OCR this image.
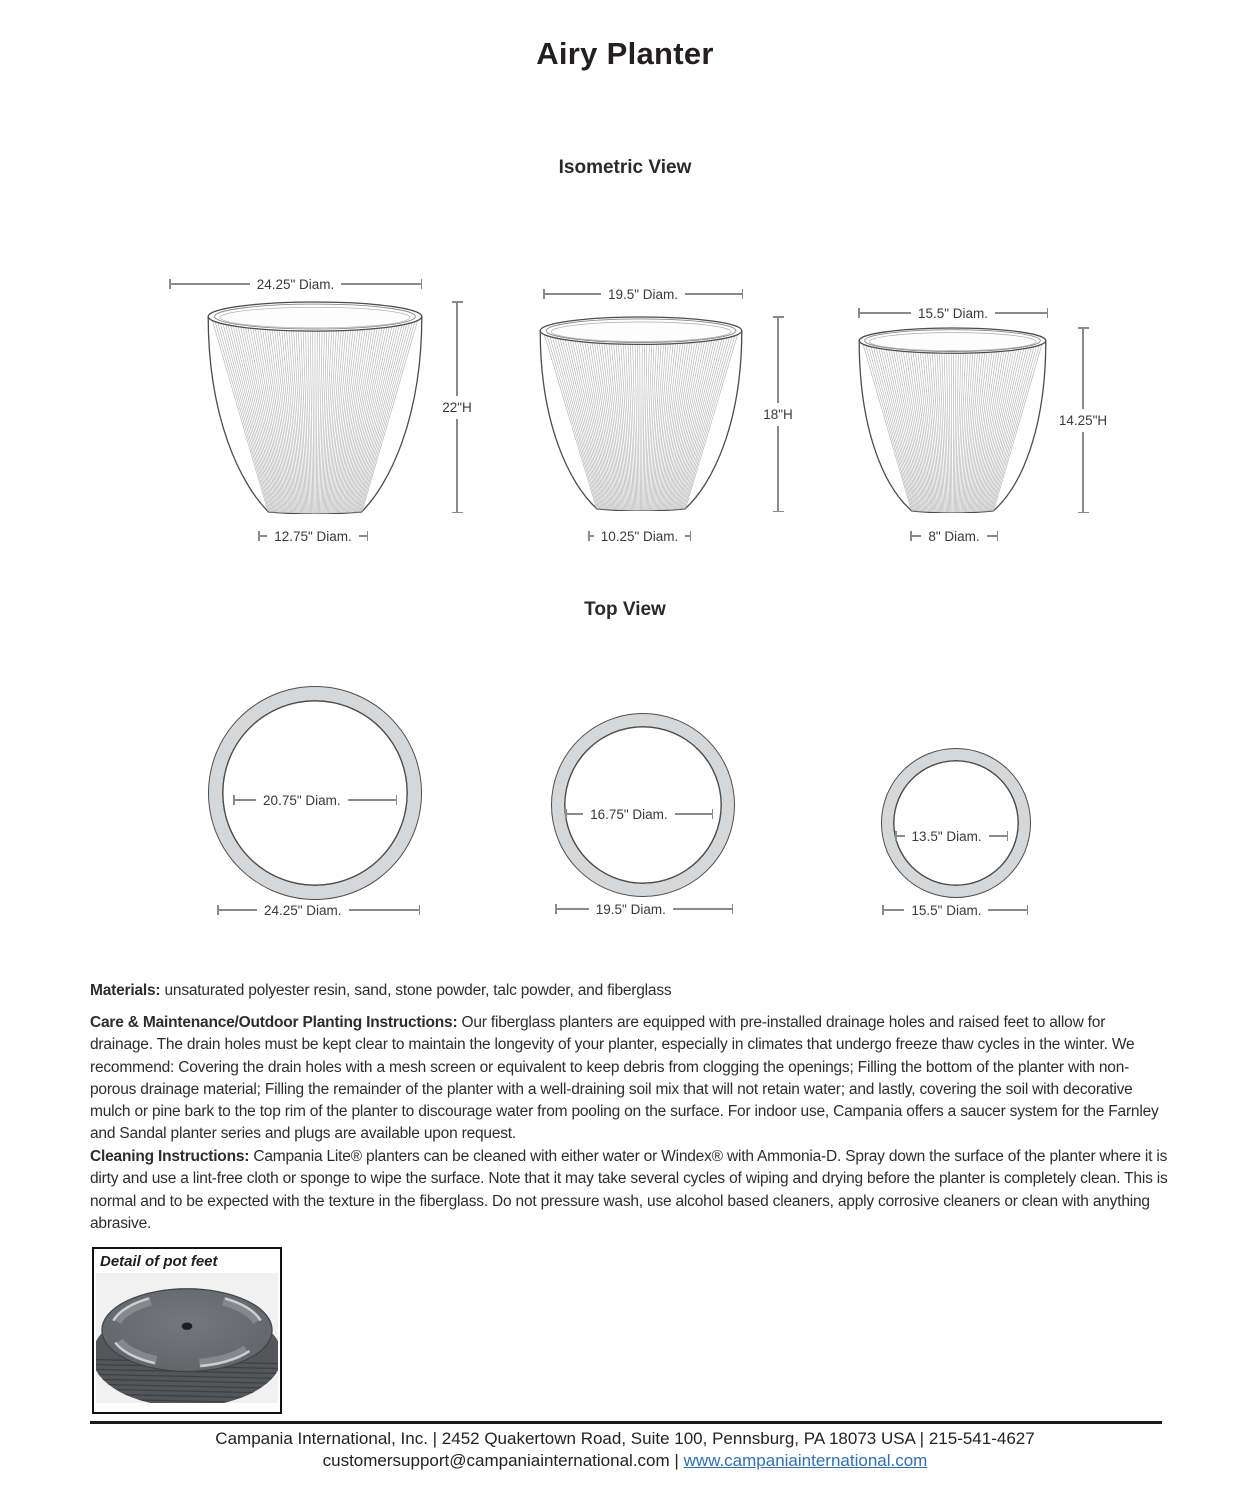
Airy Planter
Isometric View
24.25" Diam.
19.5" Diam.
15.5" Diam.
22"H	18"H	14.25"H
12.75" Diam.	10.25" Diam.	8" Diam.
Top View
20.75" Diam.
16.75" Diam.
13.5" Diam.
24.25" Diam.	19.5" Diam.	15.5" Diam.
Materials: unsaturated polyester resin, sand, stone powder, talc powder, and fiberglass
Care & Maintenance/Outdoor Planting Instructions: Our fiberglass planters are equipped with pre-installed drainage holes and raised feet to allow for drainage. The drain holes must be kept clear to maintain the longevity of your planter, especially in climates that undergo freeze thaw cycles in the winter. We recommend: Covering the drain holes with a mesh screen or equivalent to keep debris from clogging the openings; Filling the bottom of the planter with non-porous drainage material; Filling the remainder of the planter with a well-draining soil mix that will not retain water; and lastly, covering the soil with decorative mulch or pine bark to the top rim of the planter to discourage water from pooling on the surface. For indoor use, Campania offers a saucer system for the Farnley and Sandal planter series and plugs are available upon request.
Cleaning Instructions: Campania Lite® planters can be cleaned with either water or Windex® with Ammonia-D. Spray down the surface of the planter where it is dirty and use a lint-free cloth or sponge to wipe the surface. Note that it may take several cycles of wiping and drying before the planter is completely clean. This is normal and to be expected with the texture in the fiberglass. Do not pressure wash, use alcohol based cleaners, apply corrosive cleaners or clean with anything abrasive.
Detail of pot feet
Campania International, Inc. | 2452 Quakertown Road, Suite 100, Pennsburg, PA 18073 USA | 215-541-4627
customersupport@campaniainternational.com | www.campaniainternational.com
